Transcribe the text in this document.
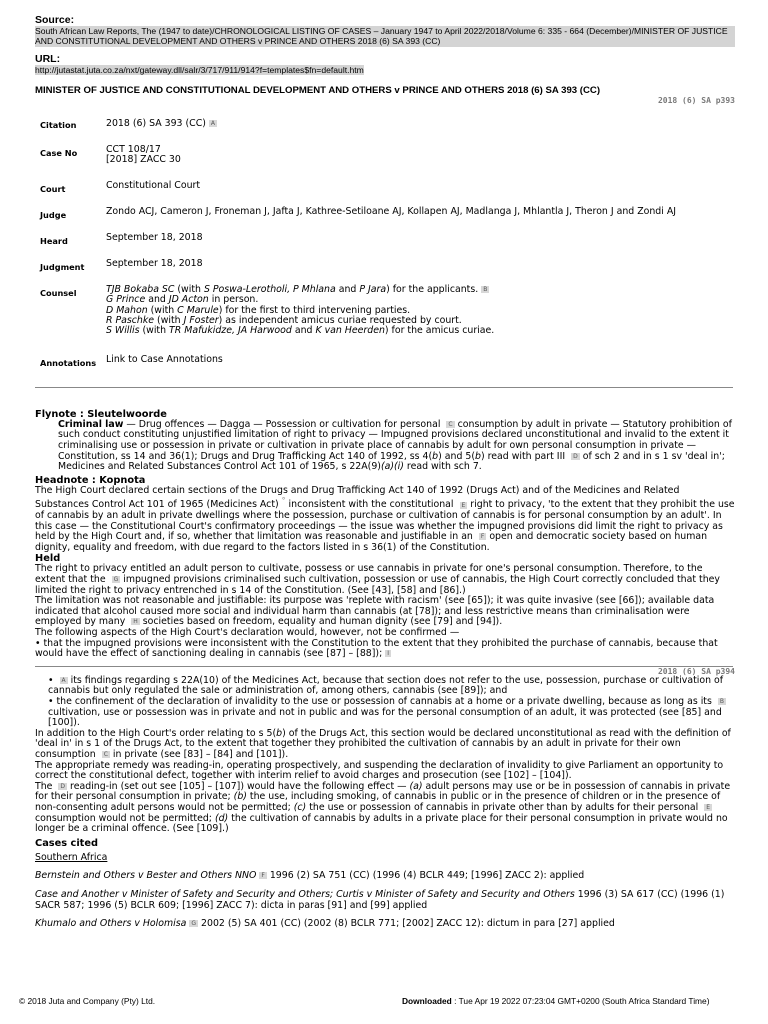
Source:
South African Law Reports, The (1947 to date)/CHRONOLOGICAL LISTING OF CASES – January 1947 to April 2022/2018/Volume 6: 335 - 664 (December)/MINISTER OF JUSTICE AND CONSTITUTIONAL DEVELOPMENT AND OTHERS v PRINCE AND OTHERS 2018 (6) SA 393 (CC)
URL:
http://jutastat.juta.co.za/nxt/gateway.dll/salr/3/717/911/914?f=templates$fn=default.htm
MINISTER OF JUSTICE AND CONSTITUTIONAL DEVELOPMENT AND OTHERS v PRINCE AND OTHERS 2018 (6) SA 393 (CC)
2018 (6) SA p393
Citation	2018 (6) SA 393 (CC) A
Case No	CCT 108/17
[2018] ZACC 30
Court	Constitutional Court
Judge	Zondo ACJ, Cameron J, Froneman J, Jafta J, Kathree-Setiloane AJ, Kollapen AJ, Madlanga J, Mhlantla J, Theron J and Zondi AJ
Heard	September 18, 2018
Judgment	September 18, 2018
Counsel	TJB Bokaba SC (with S Poswa-Lerotholi, P Mhlana and P Jara) for the applicants. B
G Prince and JD Acton in person.
D Mahon (with C Marule) for the first to third intervening parties.
R Paschke (with J Foster) as independent amicus curiae requested by court.
S Willis (with TR Mafukidze, JA Harwood and K van Heerden) for the amicus curiae.
Annotations	Link to Case Annotations
Flynote : Sleutelwoorde
Criminal law — Drug offences — Dagga — Possession or cultivation for personal C consumption by adult in private — Statutory prohibition of such conduct constituting unjustified limitation of right to privacy — Impugned provisions declared unconstitutional and invalid to the extent it criminalising use or possession in private or cultivation in private place of cannabis by adult for own personal consumption in private — Constitution, ss 14 and 36(1); Drugs and Drug Trafficking Act 140 of 1992, ss 4(b) and 5(b) read with part III D of sch 2 and in s 1 sv 'deal in'; Medicines and Related Substances Control Act 101 of 1965, s 22A(9)(a)(i) read with sch 7.
Headnote : Kopnota
The High Court declared certain sections of the Drugs and Drug Trafficking Act 140 of 1992 (Drugs Act) and of the Medicines and Related Substances Control Act 101 of 1965 (Medicines Act) ° inconsistent with the constitutional E right to privacy, 'to the extent that they prohibit the use of cannabis by an adult in private dwellings where the possession, purchase or cultivation of cannabis is for personal consumption by an adult'. In this case — the Constitutional Court's confirmatory proceedings — the issue was whether the impugned provisions did limit the right to privacy as held by the High Court and, if so, whether that limitation was reasonable and justifiable in an F open and democratic society based on human dignity, equality and freedom, with due regard to the factors listed in s 36(1) of the Constitution.
Held
The right to privacy entitled an adult person to cultivate, possess or use cannabis in private for one's personal consumption. Therefore, to the extent that the G impugned provisions criminalised such cultivation, possession or use of cannabis, the High Court correctly concluded that they limited the right to privacy entrenched in s 14 of the Constitution. (See [43], [58] and [86].)
The limitation was not reasonable and justifiable: its purpose was 'replete with racism' (see [65]); it was quite invasive (see [66]); available data indicated that alcohol caused more social and individual harm than cannabis (at [78]); and less restrictive means than criminalisation were employed by many H societies based on freedom, equality and human dignity (see [79] and [94]).
The following aspects of the High Court's declaration would, however, not be confirmed —
• that the impugned provisions were inconsistent with the Constitution to the extent that they prohibited the purchase of cannabis, because that would have the effect of sanctioning dealing in cannabis (see [87] – [88]); I
2018 (6) SA p394
• A its findings regarding s 22A(10) of the Medicines Act, because that section does not refer to the use, possession, purchase or cultivation of cannabis but only regulated the sale or administration of, among others, cannabis (see [89]); and
• the confinement of the declaration of invalidity to the use or possession of cannabis at a home or a private dwelling, because as long as its Bcultivation, use or possession was in private and not in public and was for the personal consumption of an adult, it was protected (see [85] and [100]).
In addition to the High Court's order relating to s 5(b) of the Drugs Act, this section would be declared unconstitutional as read with the definition of 'deal in' in s 1 of the Drugs Act, to the extent that together they prohibited the cultivation of cannabis by an adult in private for their own consumption C in private (see [83] – [84] and [101]).
The appropriate remedy was reading-in, operating prospectively, and suspending the declaration of invalidity to give Parliament an opportunity to correct the constitutional defect, together with interim relief to avoid charges and prosecution (see [102] – [104]).
The D reading-in (set out see [105] – [107]) would have the following effect — (a) adult persons may use or be in possession of cannabis in private for their personal consumption in private; (b) the use, including smoking, of cannabis in public or in the presence of children or in the presence of non-consenting adult persons would not be permitted; (c) the use or possession of cannabis in private other than by adults for their personal Econsumption would not be permitted; (d) the cultivation of cannabis by adults in a private place for their personal consumption in private would no longer be a criminal offence. (See [109].)
Cases cited
Southern Africa
Bernstein and Others v Bester and Others NNO F 1996 (2) SA 751 (CC) (1996 (4) BCLR 449; [1996] ZACC 2): applied
Case and Another v Minister of Safety and Security and Others; Curtis v Minister of Safety and Security and Others 1996 (3) SA 617 (CC) (1996 (1) SACR 587; 1996 (5) BCLR 609; [1996] ZACC 7): dicta in paras [91] and [99] applied
Khumalo and Others v Holomisa G 2002 (5) SA 401 (CC) (2002 (8) BCLR 771; [2002] ZACC 12): dictum in para [27] applied
© 2018 Juta and Company (Pty) Ltd.	Downloaded : Tue Apr 19 2022 07:23:04 GMT+0200 (South Africa Standard Time)
